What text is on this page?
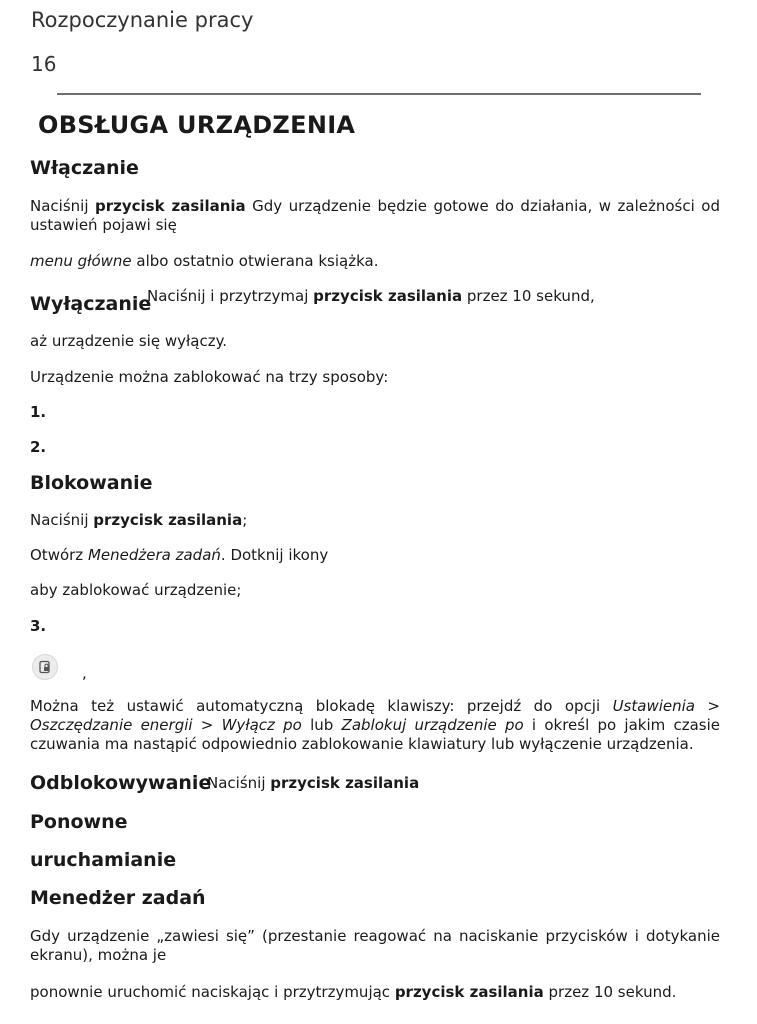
Rozpoczynanie pracy
16
OBSŁUGA URZĄDZENIA
Włączanie
Naciśnij przycisk zasilania Gdy urządzenie będzie gotowe do działania, w zależności od ustawień pojawi się
menu główne albo ostatnio otwierana książka.
Wyłączanie
Naciśnij i przytrzymaj przycisk zasilania przez 10 sekund,
aż urządzenie się wyłączy.
Urządzenie można zablokować na trzy sposoby:
1.
2.
Blokowanie
Naciśnij przycisk zasilania;
Otwórz Menedżera zadań. Dotknij ikony
aby zablokować urządzenie;
3.
,
Można też ustawić automatyczną blokadę klawiszy: przejdź do opcji Ustawienia > Oszczędzanie energii > Wyłącz po lub Zablokuj urządzenie po i określ po jakim czasie czuwania ma nastąpić odpowiednio zablokowanie klawiatury lub wyłączenie urządzenia.
Odblokowywanie
Naciśnij przycisk zasilania
Ponowne
uruchamianie
Menedżer zadań
Gdy urządzenie „zawiesi się” (przestanie reagować na naciskanie przycisków i dotykanie ekranu), można je
ponownie uruchomić naciskając i przytrzymując przycisk zasilania przez 10 sekund.
